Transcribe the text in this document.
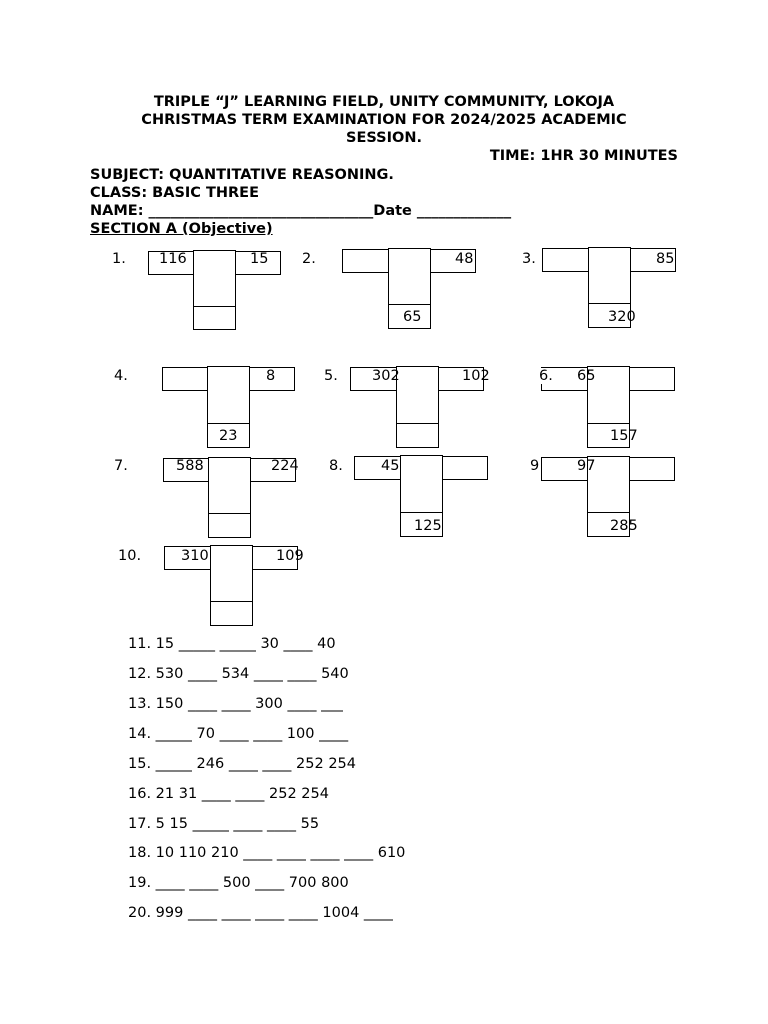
TRIPLE “J” LEARNING FIELD, UNITY COMMUNITY, LOKOJA
CHRISTMAS TERM EXAMINATION FOR 2024/2025 ACADEMIC
SESSION.
TIME: 1HR 30 MINUTES
SUBJECT: QUANTITATIVE REASONING.
CLASS: BASIC THREE
NAME: _______________________________Date _____________
SECTION A (Objective)
1. 116	15 2.	48
65
3.	85
320
4.	8
23
5. 302	102	6. 65
157
7.	588	224 8.	45
125
9	97
285
10.	310	109
11. 15 _____ _____ 30 ____ 40
12. 530 ____ 534 ____ ____ 540
13. 150 ____ ____ 300 ____ ___
14. _____ 70 ____ ____ 100 ____
15. _____ 246 ____ ____ 252 254
16. 21 31 ____ ____ 252 254
17. 5 15 _____ ____ ____ 55
18. 10 110 210 ____ ____ ____ ____ 610
19. ____ ____ 500 ____ 700 800
20. 999 ____ ____ ____ ____ 1004 ____
